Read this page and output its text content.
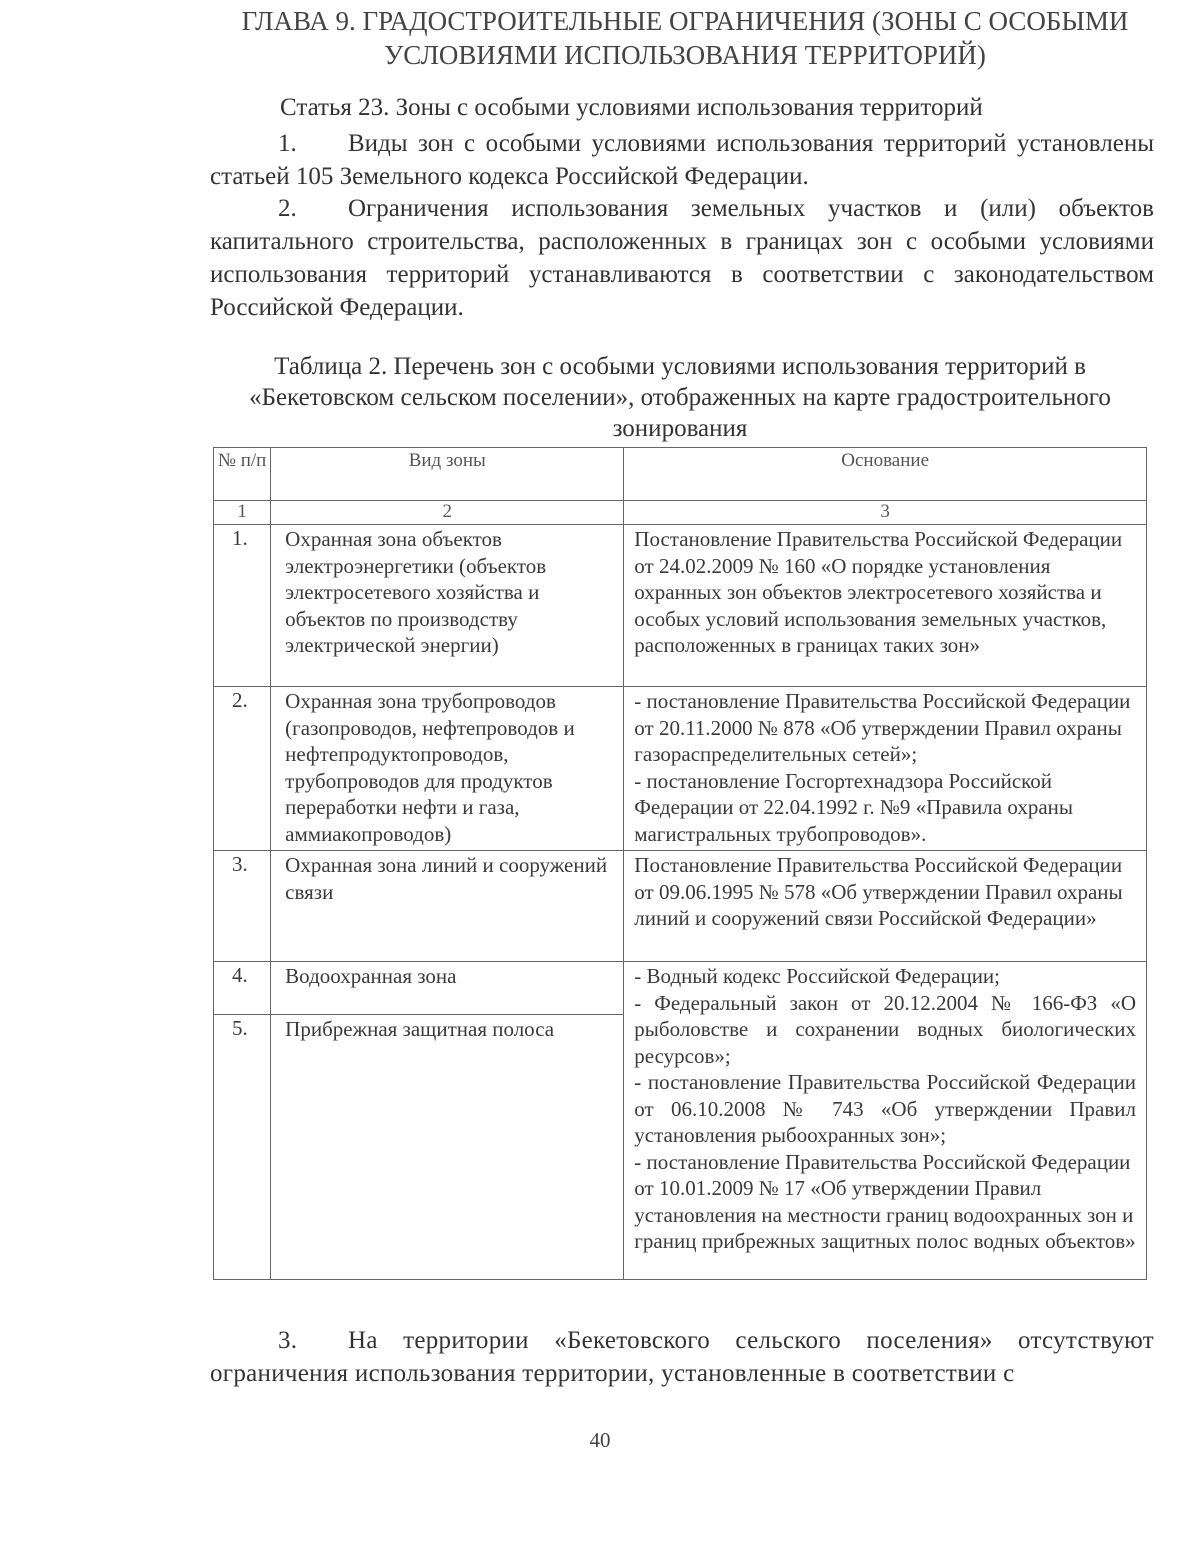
ГЛАВА 9. ГРАДОСТРОИТЕЛЬНЫЕ ОГРАНИЧЕНИЯ (ЗОНЫ С ОСОБЫМИ УСЛОВИЯМИ ИСПОЛЬЗОВАНИЯ ТЕРРИТОРИЙ)
Статья 23. Зоны с особыми условиями использования территорий
1. Виды зон с особыми условиями использования территорий установлены статьей 105 Земельного кодекса Российской Федерации.
2. Ограничения использования земельных участков и (или) объектов капитального строительства, расположенных в границах зон с особыми условиями использования территорий устанавливаются в соответствии с законодательством Российской Федерации.
Таблица 2. Перечень зон с особыми условиями использования территорий в «Бекетовском сельском поселении», отображенных на карте градостроительного зонирования
№ п/п	Вид зоны	Основание
1	2	3
1.	Охранная зона объектов электроэнергетики (объектов электросетевого хозяйства и объектов по производству электрической энергии)	Постановление Правительства Российской Федерации от 24.02.2009 № 160 «О порядке установления охранных зон объектов электросетевого хозяйства и особых условий использования земельных участков, расположенных в границах таких зон»
2.	Охранная зона трубопроводов (газопроводов, нефтепроводов и нефтепродуктопроводов, трубопроводов для продуктов переработки нефти и газа, аммиакопроводов)	- постановление Правительства Российской Федерации от 20.11.2000 № 878 «Об утверждении Правил охраны газораспределительных сетей»;
- постановление Госгортехнадзора Российской Федерации от 22.04.1992 г. №9 «Правила охраны магистральных трубопроводов».
3.	Охранная зона линий и сооружений связи	Постановление Правительства Российской Федерации от 09.06.1995 № 578 «Об утверждении Правил охраны линий и сооружений связи Российской Федерации»
4.	Водоохранная зона	- Водный кодекс Российской Федерации;
- Федеральный закон от 20.12.2004 № 166-ФЗ «О рыболовстве и сохранении водных биологических ресурсов»;
- постановление Правительства Российской Федерации от 06.10.2008 № 743 «Об утверждении Правил установления рыбоохранных зон»;
- постановление Правительства Российской Федерации от 10.01.2009 № 17 «Об утверждении Правил установления на местности границ водоохранных зон и границ прибрежных защитных полос водных объектов»

5.	Прибрежная защитная полоса	
3. На территории «Бекетовского сельского поселения» отсутствуют ограничения использования территории, установленные в соответствии с
40
